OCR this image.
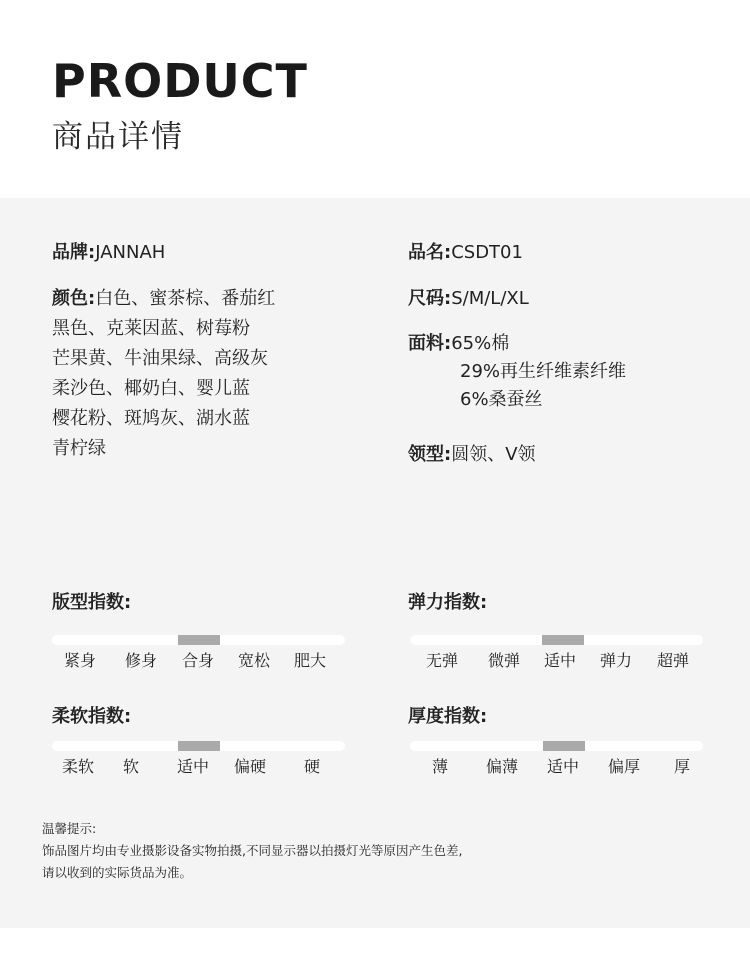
PRODUCT
商品详情
品牌:JANNAH
颜色:白色、蜜茶棕、番茄红
黑色、克莱因蓝、树莓粉
芒果黄、牛油果绿、高级灰
柔沙色、椰奶白、婴儿蓝
樱花粉、斑鸠灰、湖水蓝
青柠绿
品名:CSDT01
尺码:S/M/L/XL
面料:65%棉
29%再生纤维素纤维
6%桑蚕丝
领型:圆领、V领
版型指数:
紧身 修身 合身 宽松 肥大
弹力指数:
无弹 微弹 适中 弹力 超弹
柔软指数:
柔软 软 适中 偏硬 硬
厚度指数:
薄 偏薄 适中 偏厚 厚
温馨提示:
饰品图片均由专业摄影设备实物拍摄,不同显示器以拍摄灯光等原因产生色差,
请以收到的实际货品为准。
